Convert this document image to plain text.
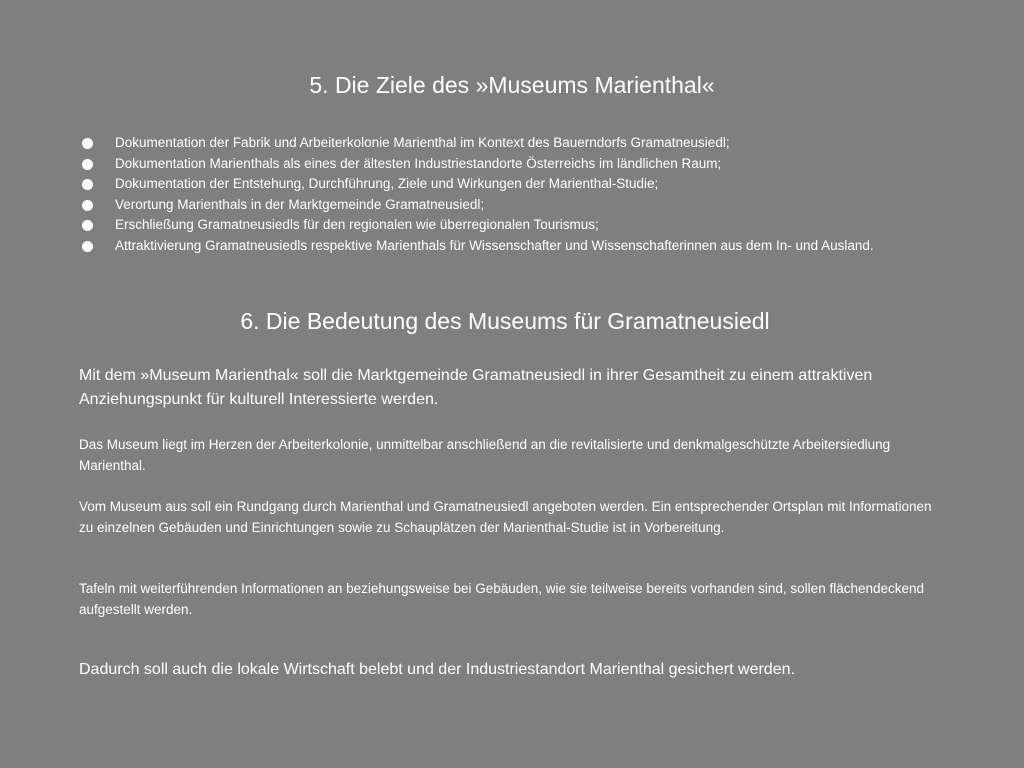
5. Die Ziele des »Museums Marienthal«
Dokumentation der Fabrik und Arbeiterkolonie Marienthal im Kontext des Bauerndorfs Gramatneusiedl;
Dokumentation Marienthals als eines der ältesten Industriestandorte Österreichs im ländlichen Raum;
Dokumentation der Entstehung, Durchführung, Ziele und Wirkungen der Marienthal-Studie;
Verortung Marienthals in der Marktgemeinde Gramatneusiedl;
Erschließung Gramatneusiedls für den regionalen wie überregionalen Tourismus;
Attraktivierung Gramatneusiedls respektive Marienthals für Wissenschafter und Wissenschafterinnen aus dem In- und Ausland.
6. Die Bedeutung des Museums für Gramatneusiedl

Mit dem »Museum Marienthal« soll die Marktgemeinde Gramatneusiedl in ihrer Gesamtheit zu einem attraktiven Anziehungspunkt für kulturell Interessierte werden.

Das Museum liegt im Herzen der Arbeiterkolonie, unmittelbar anschließend an die revitalisierte und denkmalgeschützte Arbeitersiedlung Marienthal.

Vom Museum aus soll ein Rundgang durch Marienthal und Gramatneusiedl angeboten werden. Ein entsprechender Ortsplan mit Informationen zu einzelnen Gebäuden und Einrichtungen sowie zu Schauplätzen der Marienthal-Studie ist in Vorbereitung.

Tafeln mit weiterführenden Informationen an beziehungsweise bei Gebäuden, wie sie teilweise bereits vorhanden sind, sollen flächendeckend aufgestellt werden.

Dadurch soll auch die lokale Wirtschaft belebt und der Industriestandort Marienthal gesichert werden.
